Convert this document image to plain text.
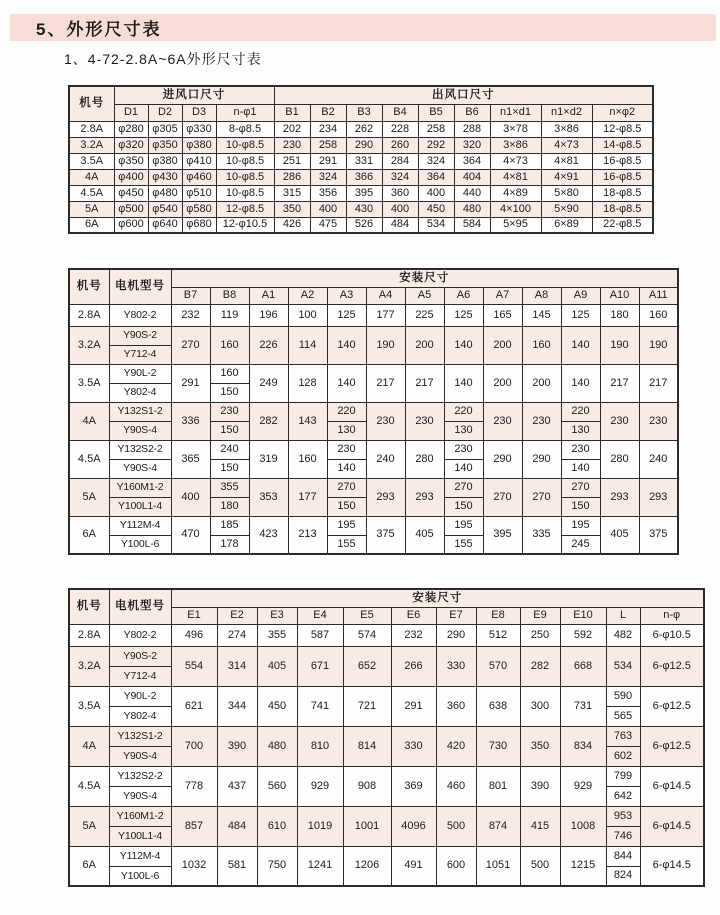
5、外形尺寸表
1、4-72-2.8A~6A外形尺寸表
机号	进风口尺寸				出风口尺寸								
	D1	D2	D3	n-φ1	B1	B2	B3	B4	B5	B6	n1×d1	n1×d2	n×φ2
2.8A	φ280	φ305	φ330	8-φ8.5	202	234	262	228	258	288	3×78	3×86	12-φ8.5
3.2A	φ320	φ350	φ380	10-φ8.5	230	258	290	260	292	320	3×86	4×73	14-φ8.5
3.5A	φ350	φ380	φ410	10-φ8.5	251	291	331	284	324	364	4×73	4×81	16-φ8.5
4A	φ400	φ430	φ460	10-φ8.5	286	324	366	324	364	404	4×81	4×91	16-φ8.5
4.5A	φ450	φ480	φ510	10-φ8.5	315	356	395	360	400	440	4×89	5×80	18-φ8.5
5A	φ500	φ540	φ580	12-φ8.5	350	400	430	400	450	480	4×100	5×90	18-φ8.5
6A	φ600	φ640	φ680	12-φ10.5	426	475	526	484	534	584	5×95	6×89	22-φ8.5
机号	电机型号	安装尺寸												
		B7	B8	A1	A2	A3	A4	A5	A6	A7	A8	A9	A10	A11
2.8A	Y802-2	232	119	196	100	125	177	225	125	165	145	125	180	160
3.2A	Y90S-2	270	160	226	114	140	190	200	140	200	160	140	190	190
	Y712-4													
3.5A	Y90L-2	291	160	249	128	140	217	217	140	200	200	140	217	217
	Y802-4		150											
4A	Y132S1-2	336	230	282	143	220	230	230	220	230	230	220	230	230
	Y90S-4		150			130			130			130		
4.5A	Y132S2-2	365	240	319	160	230	240	280	230	290	290	230	280	240
	Y90S-4		150			140			140			140		
5A	Y160M1-2	400	355	353	177	270	293	293	270	270	270	270	293	293
	Y100L1-4		180			150			150			150		
6A	Y112M-4	470	185	423	213	195	375	405	195	395	335	195	405	375
	Y100L-6		178			155			155			245		
机号	电机型号	安装尺寸											
		E1	E2	E3	E4	E5	E6	E7	E8	E9	E10	L	n-φ
2.8A	Y802-2	496	274	355	587	574	232	290	512	250	592	482	6-φ10.5
3.2A	Y90S-2	554	314	405	671	652	266	330	570	282	668	534	6-φ12.5
	Y712-4												
3.5A	Y90L-2	621	344	450	741	721	291	360	638	300	731	590	6-φ12.5
	Y802-4											565	
4A	Y132S1-2	700	390	480	810	814	330	420	730	350	834	763	6-φ12.5
	Y90S-4											602	
4.5A	Y132S2-2	778	437	560	929	908	369	460	801	390	929	799	6-φ14.5
	Y90S-4											642	
5A	Y160M1-2	857	484	610	1019	1001	4096	500	874	415	1008	953	6-φ14.5
	Y100L1-4											746	
6A	Y112M-4	1032	581	750	1241	1206	491	600	1051	500	1215	844	6-φ14.5
	Y100L-6											824	
